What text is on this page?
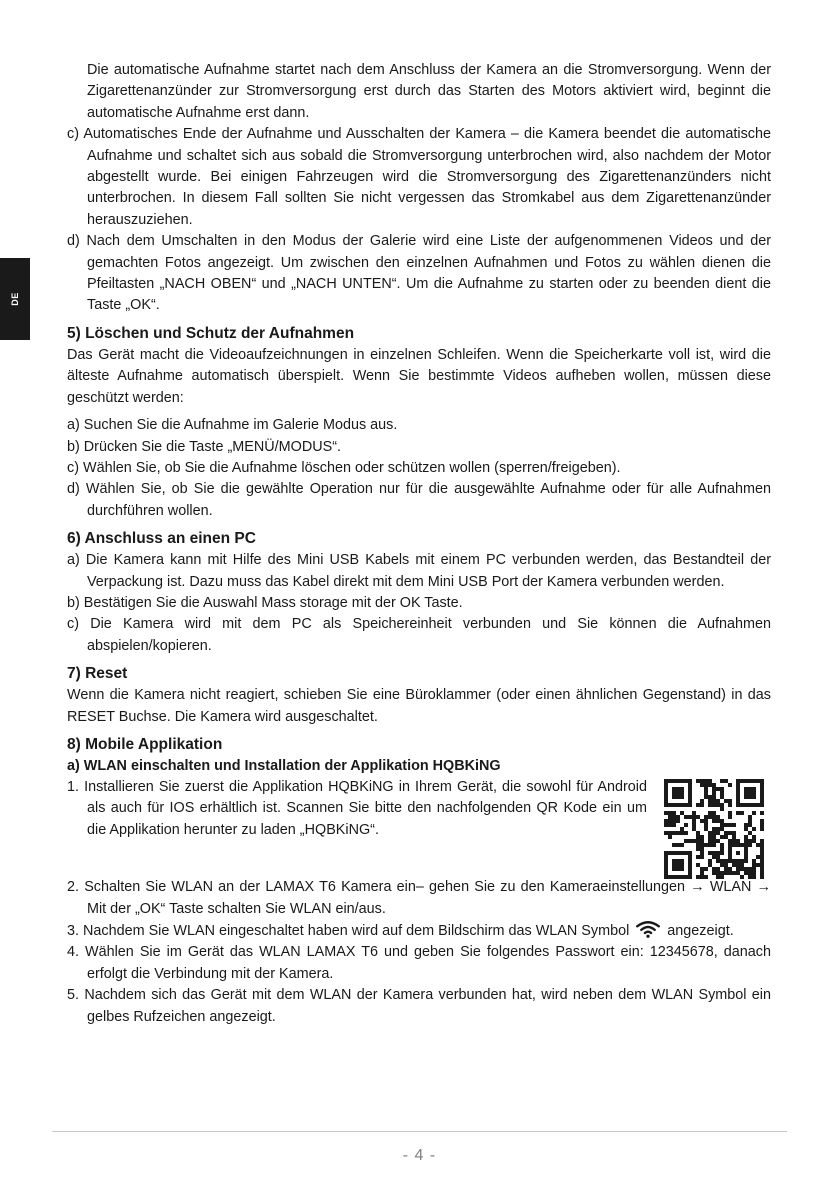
DE

Die automatische Aufnahme startet nach dem Anschluss der Kamera an die Stromversorgung. Wenn der Zigarettenanzünder zur Stromversorgung erst durch das Starten des Motors aktiviert wird, beginnt die automatische Aufnahme erst dann.

c) Automatisches Ende der Aufnahme und Ausschalten der Kamera – die Kamera beendet die automatische Aufnahme und schaltet sich aus sobald die Stromversorgung unterbrochen wird, also nachdem der Motor abgestellt wurde. Bei einigen Fahrzeugen wird die Stromversorgung des Zigarettenanzünders nicht unterbrochen. In diesem Fall sollten Sie nicht vergessen das Stromkabel aus dem Zigarettenanzünder herauszuziehen.

d) Nach dem Umschalten in den Modus der Galerie wird eine Liste der aufgenommenen Videos und der gemachten Fotos angezeigt. Um zwischen den einzelnen Aufnahmen und Fotos zu wählen dienen die Pfeiltasten „NACH OBEN“ und „NACH UNTEN“. Um die Aufnahme zu starten oder zu beenden dient die Taste „OK“.

5) Löschen und Schutz der Aufnahmen

Das Gerät macht die Videoaufzeichnungen in einzelnen Schleifen. Wenn die Speicherkarte voll ist, wird die älteste Aufnahme automatisch überspielt. Wenn Sie bestimmte Videos aufheben wollen, müssen diese geschützt werden:

a) Suchen Sie die Aufnahme im Galerie Modus aus.

b) Drücken Sie die Taste „MENÜ/MODUS“.

c) Wählen Sie, ob Sie die Aufnahme löschen oder schützen wollen (sperren/freigeben).

d) Wählen Sie, ob Sie die gewählte Operation nur für die ausgewählte Aufnahme oder für alle Aufnahmen durchführen wollen.

6) Anschluss an einen PC

a) Die Kamera kann mit Hilfe des Mini USB Kabels mit einem PC verbunden werden, das Bestandteil der Verpackung ist. Dazu muss das Kabel direkt mit dem Mini USB Port der Kamera verbunden werden.

b) Bestätigen Sie die Auswahl Mass storage mit der OK Taste.

c) Die Kamera wird mit dem PC als Speichereinheit verbunden und Sie können die Aufnahmen abspielen/kopieren.

7) Reset

Wenn die Kamera nicht reagiert, schieben Sie eine Büroklammer (oder einen ähnlichen Gegenstand) in das RESET Buchse. Die Kamera wird ausgeschaltet.

8) Mobile Applikation
a) WLAN einschalten und Installation der Applikation HQBKiNG

1. Installieren Sie zuerst die Applikation HQBKiNG in Ihrem Gerät, die sowohl für Android als auch für IOS erhältlich ist. Scannen Sie bitte den nachfolgenden QR Kode ein um die Applikation herunter zu laden „HQBKiNG“.

2. Schalten Sie WLAN an der LAMAX T6 Kamera ein– gehen Sie zu den Kameraeinstellungen → WLAN → Mit der „OK“ Taste schalten Sie WLAN ein/aus.

3. Nachdem Sie WLAN eingeschaltet haben wird auf dem Bildschirm das WLAN Symbol	angezeigt.

4. Wählen Sie im Gerät das WLAN LAMAX T6 und geben Sie folgendes Passwort ein: 12345678, danach erfolgt die Verbindung mit der Kamera.

5. Nachdem sich das Gerät mit dem WLAN der Kamera verbunden hat, wird neben dem WLAN Symbol ein gelbes Rufzeichen angezeigt.

- 4 -
